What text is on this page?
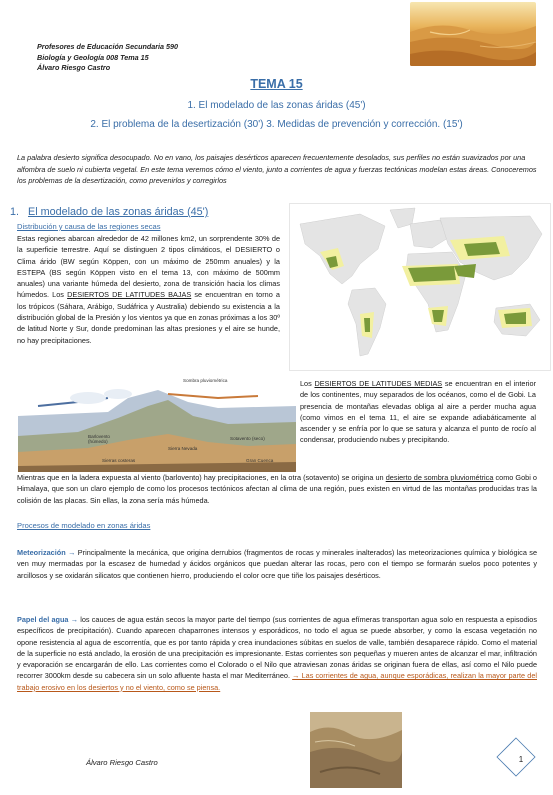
Profesores de Educación Secundaria 590
Biología y Geología 008 Tema 15
Álvaro Riesgo Castro
TEMA 15
1. El modelado de las zonas áridas (45')
2. El problema de la desertización (30') 3. Medidas de prevención y corrección. (15')
La palabra desierto significa desocupado. No en vano, los paisajes desérticos aparecen frecuentemente desolados, sus perfiles no están suavizados por una alfombra de suelo ni cubierta vegetal. En este tema veremos cómo el viento, junto a corrientes de agua y fuerzas tectónicas modelan estas áreas. Conoceremos los problemas de la desertización, como prevenirlos y corregirlos
1. El modelado de las zonas áridas (45')
Distribución y causa de las regiones secas
Estas regiones abarcan alrededor de 42 millones km2, un sorprendente 30% de la superficie terrestre. Aquí se distinguen 2 tipos climáticos, el DESIERTO o Clima árido (BW según Köppen, con un máximo de 250mm anuales) y la ESTEPA (BS según Köppen visto en el tema 13, con máximo de 500mm anuales) una variante húmeda del desierto, zona de transición hacia los climas húmedos. Los DESIERTOS DE LATITUDES BAJAS se encuentran en torno a los trópicos (Sáhara, Arábigo, Sudáfrica y Australia) debiendo su existencia a la distribución global de la Presión y los vientos ya que en zonas próximas a los 30º de latitud Norte y Sur, donde predominan las altas presiones y el aire se hunde, no hay precipitaciones.
Sombra pluviométrica
Barlovento (húmedo)
Sotavento (seco)
Sierra Nevada
Sierras costeras	Gran Cuenca
Los DESIERTOS DE LATITUDES MEDIAS se encuentran en el interior de los continentes, muy separados de los océanos, como el de Gobi. La presencia de montañas elevadas obliga al aire a perder mucha agua (como vimos en el tema 11, el aire se expande adiabáticamente al ascender y se enfría por lo que se satura y alcanza el punto de rocío al condensar, produciendo nubes y precipitando.
Mientras que en la ladera expuesta al viento (barlovento) hay precipitaciones, en la otra (sotavento) se origina un desierto de sombra pluviométrica como Gobi o Himalaya, que son un claro ejemplo de como los procesos tectónicos afectan al clima de una región, pues existen en virtud de las montañas producidas tras la colisión de las placas. Sin ellas, la zona sería más húmeda.
Procesos de modelado en zonas áridas
Meteorización → Principalmente la mecánica, que origina derrubios (fragmentos de rocas y minerales inalterados) las meteorizaciones química y biológica se ven muy mermadas por la escasez de humedad y ácidos orgánicos que puedan alterar las rocas, pero con el tiempo se formarán suelos poco potentes y arcillosos y se oxidarán silicatos que contienen hierro, produciendo el color ocre que tiñe los paisajes desérticos.
Papel del agua → los cauces de agua están secos la mayor parte del tiempo (sus corrientes de agua efímeras transportan agua solo en respuesta a episodios específicos de precipitación). Cuando aparecen chaparrones intensos y esporádicos, no todo el agua se puede absorber, y como la escasa vegetación no opone resistencia al agua de escorrentía, que es por tanto rápida y crea inundaciones súbitas en suelos de valle, también desaparece rápido. Como el material de la superficie no está anclado, la erosión de una precipitación es impresionante. Estas corrientes son pequeñas y mueren antes de alcanzar el mar, infiltración y evaporación se encargarán de ello. Las corrientes como el Colorado o el Nilo que atraviesan zonas áridas se originan fuera de ellas, así como el Nilo puede recorrer 3000km desde su cabecera sin un solo afluente hasta el mar Mediterráneo. → Las corrientes de agua, aunque esporádicas, realizan la mayor parte del trabajo erosivo en los desiertos y no el viento, como se piensa.
Álvaro Riesgo Castro	1
